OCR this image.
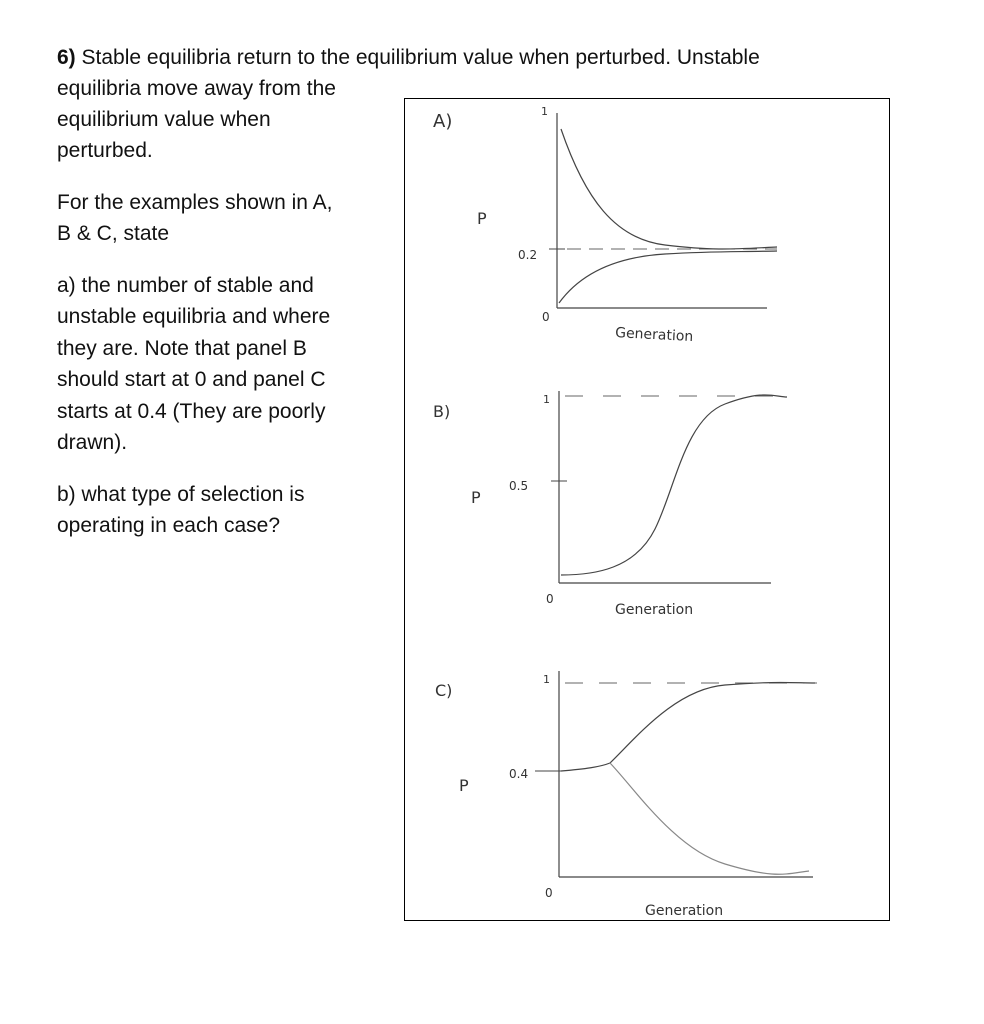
6) Stable equilibria return to the equilibrium value when perturbed. Unstable

equilibria move away from the

equilibrium value when

perturbed.

For the examples shown in A,

B & C, state

a) the number of stable and

unstable equilibria and where

they are. Note that panel B

should start at 0 and panel C

starts at 0.4 (They are poorly

drawn).

b) what type of selection is

operating in each case?

A)
P
1
0.2
0
Generation
B)
P
1
0.5
0
Generation
C)
P
1
0.4
0
Generation
